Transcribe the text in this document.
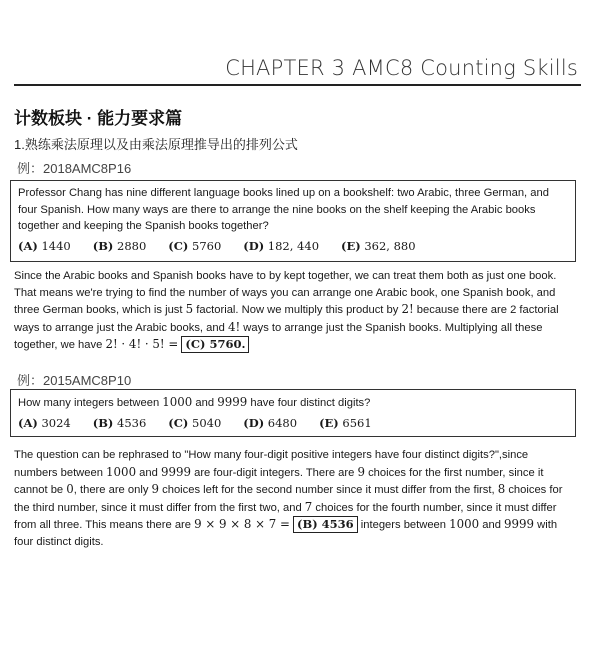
CHAPTER 3 AMC8 Counting Skills
计数板块 · 能力要求篇
1.熟练乘法原理以及由乘法原理推导出的排列公式
例：2018AMC8P16
Professor Chang has nine different language books lined up on a bookshelf: two Arabic, three German, and four Spanish. How many ways are there to arrange the nine books on the shelf keeping the Arabic books together and keeping the Spanish books together?
(A) 1440 (B) 2880 (C) 5760 (D) 182, 440 (E) 362, 880
Since the Arabic books and Spanish books have to by kept together, we can treat them both as just one book. That means we're trying to find the number of ways you can arrange one Arabic book, one Spanish book, and three German books, which is just 5 factorial. Now we multiply this product by 2! because there are 2 factorial ways to arrange just the Arabic books, and 4! ways to arrange just the Spanish books. Multiplying all these together, we have 2! · 4! · 5! = (C) 5760.
例：2015AMC8P10
How many integers between 1000 and 9999 have four distinct digits?
(A) 3024 (B) 4536 (C) 5040 (D) 6480 (E) 6561
The question can be rephrased to "How many four-digit positive integers have four distinct digits?",since numbers between 1000 and 9999 are four-digit integers. There are 9 choices for the first number, since it cannot be 0, there are only 9 choices left for the second number since it must differ from the first, 8 choices for the third number, since it must differ from the first two, and 7 choices for the fourth number, since it must differ from all three. This means there are 9 × 9 × 8 × 7 = (B) 4536 integers between 1000 and 9999 with four distinct digits.
